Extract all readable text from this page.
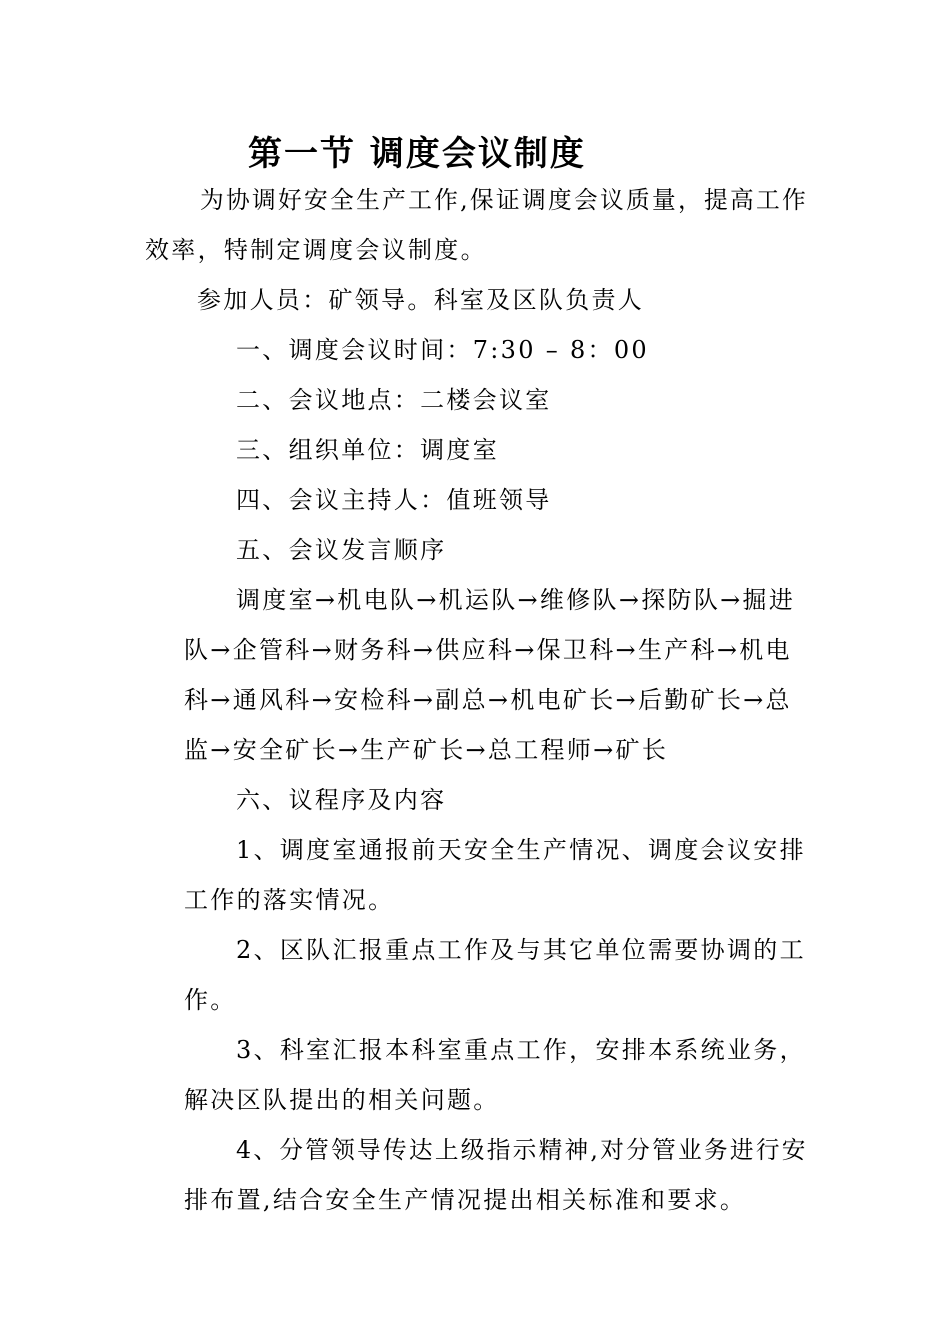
第一节 调度会议制度

为协调好安全生产工作,保证调度会议质量，提高工作

效率，特制定调度会议制度。

参加人员：矿领导。科室及区队负责人

一、调度会议时间：7:30 – 8：00

二、会议地点：二楼会议室

三、组织单位：调度室

四、会议主持人：值班领导

五、会议发言顺序

调度室→机电队→机运队→维修队→探防队→掘进

队→企管科→财务科→供应科→保卫科→生产科→机电

科→通风科→安检科→副总→机电矿长→后勤矿长→总

监→安全矿长→生产矿长→总工程师→矿长

六、议程序及内容

1、调度室通报前天安全生产情况、调度会议安排

工作的落实情况。

2、区队汇报重点工作及与其它单位需要协调的工

作。

3、科室汇报本科室重点工作，安排本系统业务，

解决区队提出的相关问题。

4、分管领导传达上级指示精神,对分管业务进行安

排布置,结合安全生产情况提出相关标准和要求。
